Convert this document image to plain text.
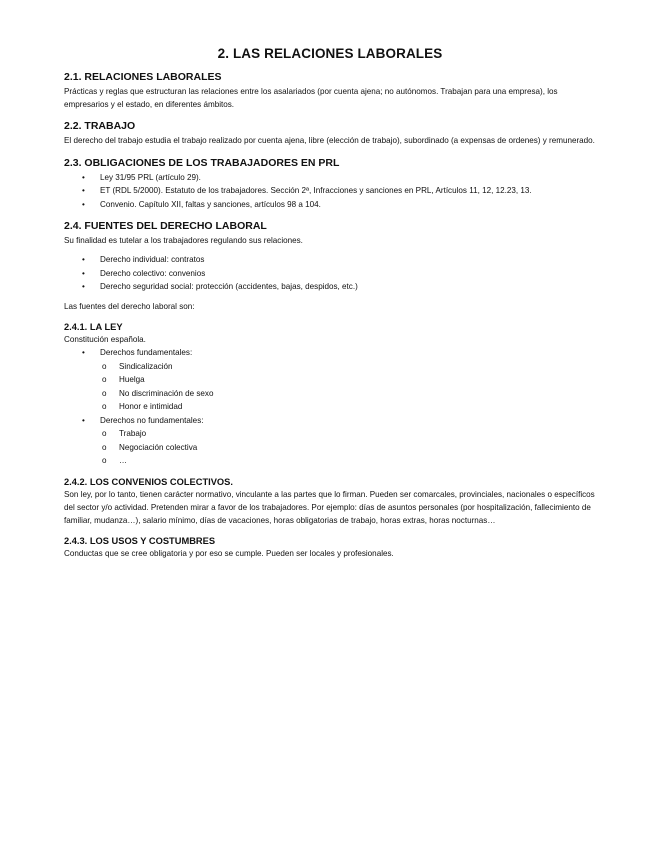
2. LAS RELACIONES LABORALES
2.1. RELACIONES LABORALES

Prácticas y reglas que estructuran las relaciones entre los asalariados (por cuenta ajena; no autónomos. Trabajan para una empresa), los empresarios y el estado, en diferentes ámbitos.

2.2. TRABAJO

El derecho del trabajo estudia el trabajo realizado por cuenta ajena, libre (elección de trabajo), subordinado (a expensas de ordenes) y remunerado.

2.3. OBLIGACIONES DE LOS TRABAJADORES EN PRL
• Ley 31/95 PRL (artículo 29).
• ET (RDL 5/2000). Estatuto de los trabajadores. Sección 2ª, Infracciones y sanciones en PRL, Artículos 11, 12, 12.23, 13.
• Convenio. Capítulo XII, faltas y sanciones, artículos 98 a 104.
2.4. FUENTES DEL DERECHO LABORAL

Su finalidad es tutelar a los trabajadores regulando sus relaciones.

• Derecho individual: contratos
• Derecho colectivo: convenios
• Derecho seguridad social: protección (accidentes, bajas, despidos, etc.)

Las fuentes del derecho laboral son:

2.4.1. LA LEY

Constitución española.

• Derechos fundamentales:
o Sindicalización
o Huelga
o No discriminación de sexo
o Honor e intimidad
• Derechos no fundamentales:
o Trabajo
o Negociación colectiva
o …
2.4.2. LOS CONVENIOS COLECTIVOS.

Son ley, por lo tanto, tienen carácter normativo, vinculante a las partes que lo firman. Pueden ser comarcales, provinciales, nacionales o específicos del sector y/o actividad. Pretenden mirar a favor de los trabajadores. Por ejemplo: días de asuntos personales (por hospitalización, fallecimiento de familiar, mudanza…), salario mínimo, días de vacaciones, horas obligatorias de trabajo, horas extras, horas nocturnas…

2.4.3. LOS USOS Y COSTUMBRES

Conductas que se cree obligatoria y por eso se cumple. Pueden ser locales y profesionales.
